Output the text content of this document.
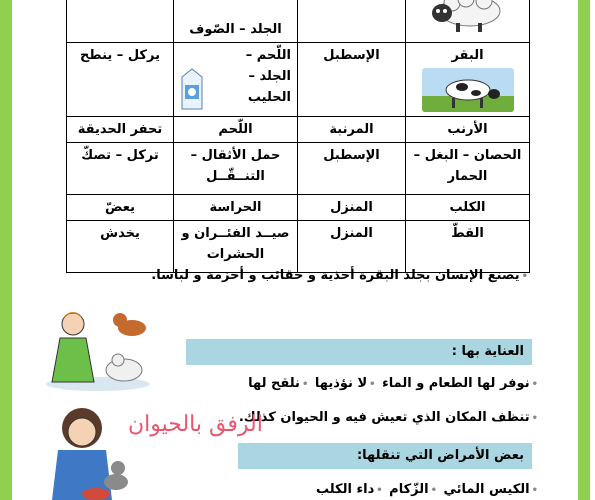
		الجلد – الصّوف	

البقر	الإسطبل	اللّحم – الجلد – الحليب	يركل – ينطح
الأرنب	المرنبة	اللّحم	تحفر الحديقة
الحصان – البغل – الحمار	الإسطبل	حمل الأثقال – التنــقّــل	تركل – تصكّ
الكلب	المنزل	الحراسة	يعضّ
القطّ	المنزل	صيــد الفئــران و الحشرات	يخدش
•يصنع الإنسان بجلد البقرة أحذية و حقائب و أحزمة و لباسا.
العناية بها :
•نوفر لها الطعام و الماء •لا نؤذيها •نلقح لها
•تنظف المكان الذي تعيش فيه و الحيوان كذلك.
بعض الأمراض التي تنقلها:
•الكيس المائي •الزّكام •داء الكلب
الرفق بالحيوان
